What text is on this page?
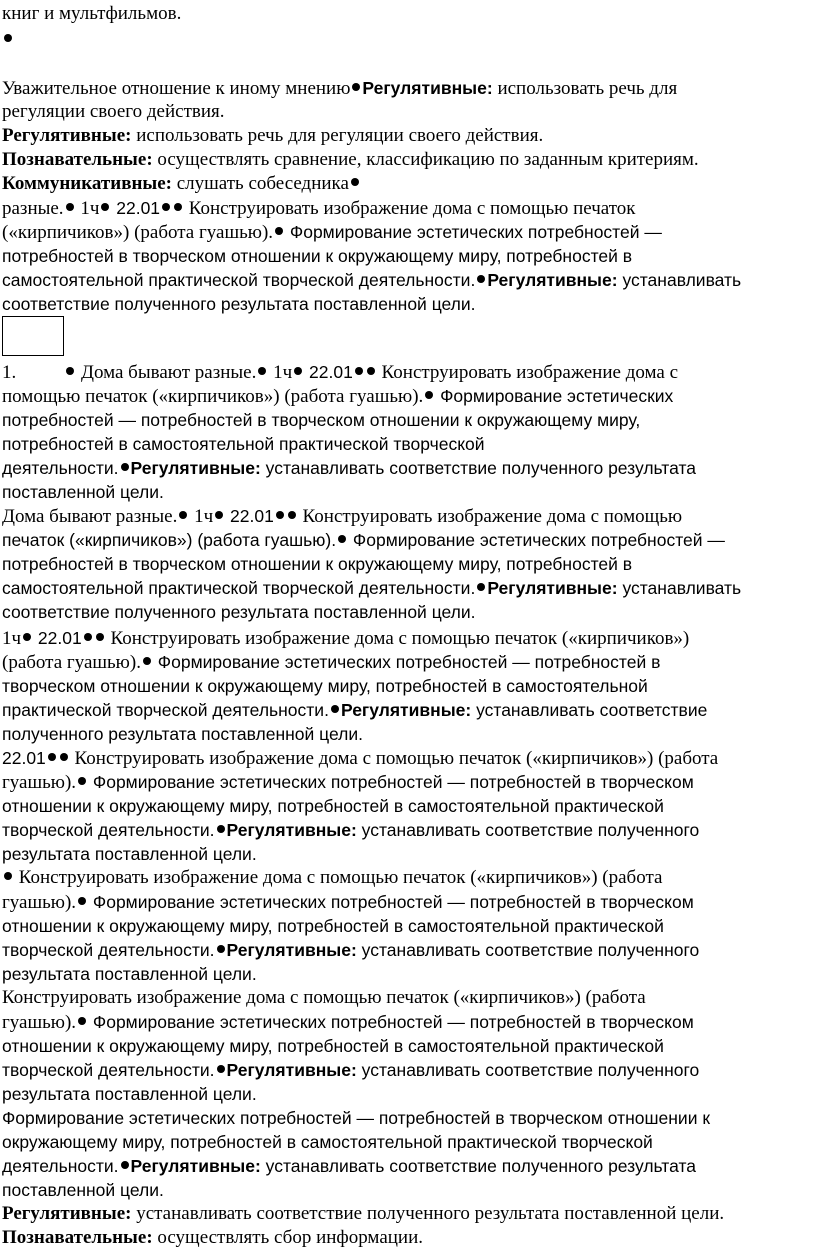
книг и мультфильмов.
Уважительное отношение к иному мнению Регулятивные: использовать речь для
регуляции своего действия.
Регулятивные: использовать речь для регуляции своего действия.
Познавательные: осуществлять сравнение, классификацию по заданным критериям.
Коммуникативные: слушать собеседника
разные. 1ч 22.01 Конструировать изображение дома с помощью печаток
(«кирпичиков») (работа гуашью). Формирование эстетических потребностей —
потребностей в творческом отношении к окружающему миру, потребностей в
самостоятельной практической творческой деятельности. Регулятивные: устанавливать
соответствие полученного результата поставленной цели.
1.	Дома бывают разные. 1ч 22.01 Конструировать изображение дома с
помощью печаток («кирпичиков») (работа гуашью). Формирование эстетических
потребностей — потребностей в творческом отношении к окружающему миру,
потребностей в самостоятельной практической творческой
деятельности. Регулятивные: устанавливать соответствие полученного результата
поставленной цели.
Дома бывают разные. 1ч 22.01 Конструировать изображение дома с помощью
печаток («кирпичиков») (работа гуашью). Формирование эстетических потребностей —
потребностей в творческом отношении к окружающему миру, потребностей в
самостоятельной практической творческой деятельности. Регулятивные: устанавливать
соответствие полученного результата поставленной цели.
1ч 22.01 Конструировать изображение дома с помощью печаток («кирпичиков»)
(работа гуашью). Формирование эстетических потребностей — потребностей в
творческом отношении к окружающему миру, потребностей в самостоятельной
практической творческой деятельности. Регулятивные: устанавливать соответствие
полученного результата поставленной цели.
22.01 Конструировать изображение дома с помощью печаток («кирпичиков») (работа
гуашью). Формирование эстетических потребностей — потребностей в творческом
отношении к окружающему миру, потребностей в самостоятельной практической
творческой деятельности. Регулятивные: устанавливать соответствие полученного
результата поставленной цели.
Конструировать изображение дома с помощью печаток («кирпичиков») (работа
гуашью). Формирование эстетических потребностей — потребностей в творческом
отношении к окружающему миру, потребностей в самостоятельной практической
творческой деятельности. Регулятивные: устанавливать соответствие полученного
результата поставленной цели.
Конструировать изображение дома с помощью печаток («кирпичиков») (работа
гуашью). Формирование эстетических потребностей — потребностей в творческом
отношении к окружающему миру, потребностей в самостоятельной практической
творческой деятельности. Регулятивные: устанавливать соответствие полученного
результата поставленной цели.
Формирование эстетических потребностей — потребностей в творческом отношении к
окружающему миру, потребностей в самостоятельной практической творческой
деятельности. Регулятивные: устанавливать соответствие полученного результата
поставленной цели.
Регулятивные: устанавливать соответствие полученного результата поставленной цели.
Познавательные: осуществлять сбор информации.
